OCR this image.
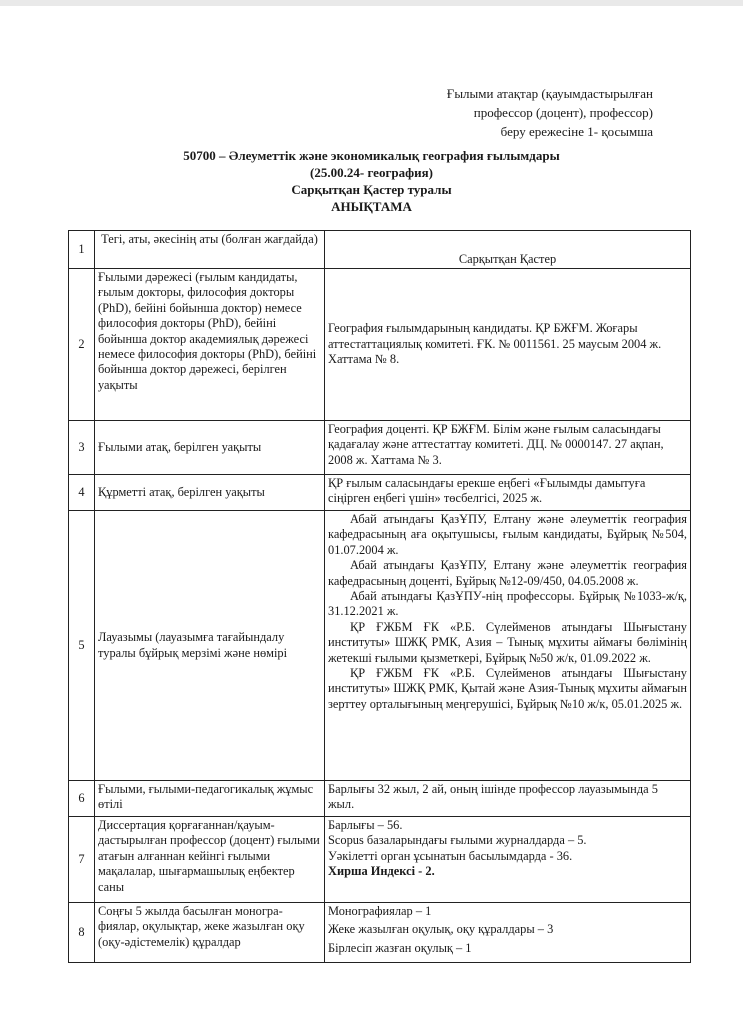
Ғылыми атақтар (қауымдастырылған
профессор (доцент), профессор)
беру ережесіне 1- қосымша
50700 – Әлеуметтік және экономикалық география ғылымдары
(25.00.24- география)
Сарқытқан Қастер туралы
АНЫҚТАМА
1	Тегі, аты, әкесінің аты (болған жағдайда)	Сарқытқан Қастер

2	Ғылыми дәрежесі (ғылым кандидаты, ғылым докторы, философия докторы (PhD), бейіні бойынша доктор) немесе философия докторы (PhD), бейіні бойынша доктор академиялық дәрежесі немесе философия докторы (PhD), бейіні бойынша доктор дәрежесі, берілген уақыты	География ғылымдарының кандидаты. ҚР БЖҒМ. Жоғары аттестаттациялық комитеті. ҒК. № 0011561. 25 маусым 2004 ж. Хаттама № 8.

3	Ғылыми атақ, берілген уақыты	География доценті. ҚР БЖҒМ. Білім және ғылым саласындағы қадағалау және аттестаттау комитеті. ДЦ. № 0000147. 27 ақпан, 2008 ж. Хаттама № 3.

4	Құрметті атақ, берілген уақыты	ҚР ғылым саласындағы ерекше еңбегі «Ғылымды дамытуға сіңірген еңбегі үшін» төсбелгісі, 2025 ж.

5	Лауазымы (лауазымға тағайындалу туралы бұйрық мерзімі және нөмірі	Абай атындағы ҚазҰПУ, Елтану және әлеуметтік география кафедрасының аға оқытушысы, ғылым кандидаты, Бұйрық №504, 01.07.2004 ж.

Абай атындағы ҚазҰПУ, Елтану және әлеуметтік география кафедрасының доценті, Бұйрық №12-09/450, 04.05.2008 ж.

Абай атындағы ҚазҰПУ-нің профессоры. Бұйрық №1033-ж/қ, 31.12.2021 ж.

ҚР ҒЖБМ ҒК «Р.Б. Сүлейменов атындағы Шығыстану институты» ШЖҚ РМК, Азия – Тынық мұхиты аймағы бөлімінің жетекші ғылыми қызметкері, Бұйрық №50 ж/к, 01.09.2022 ж.

ҚР ҒЖБМ ҒК «Р.Б. Сүлейменов атындағы Шығыстану институты» ШЖҚ РМК, Қытай және Азия-Тынық мұхиты аймағын зерттеу орталығының меңгерушісі, Бұйрық №10 ж/к, 05.01.2025 ж.

6	Ғылыми, ғылыми-педагогикалық жұмыс өтілі	Барлығы 32 жыл, 2 ай, оның ішінде профессор лауазымында 5 жыл.

7	Диссертация қорғағаннан/қауым-дастырылған профессор (доцент) ғылыми атағын алғаннан кейінгі ғылыми мақалалар, шығармашылық еңбектер саны	Барлығы – 56.

Scopus базаларындағы ғылыми журналдарда – 5.

Уәкілетті орган ұсынатын басылымдарда - 36.

Хирша Индексі - 2.

8	Соңғы 5 жылда басылған моногра-фиялар, оқулықтар, жеке жазылған оқу (оқу-әдістемелік) құралдар	Монографиялар – 1

Жеке жазылған оқулық, оқу құралдары – 3

Бірлесіп жазған оқулық – 1
